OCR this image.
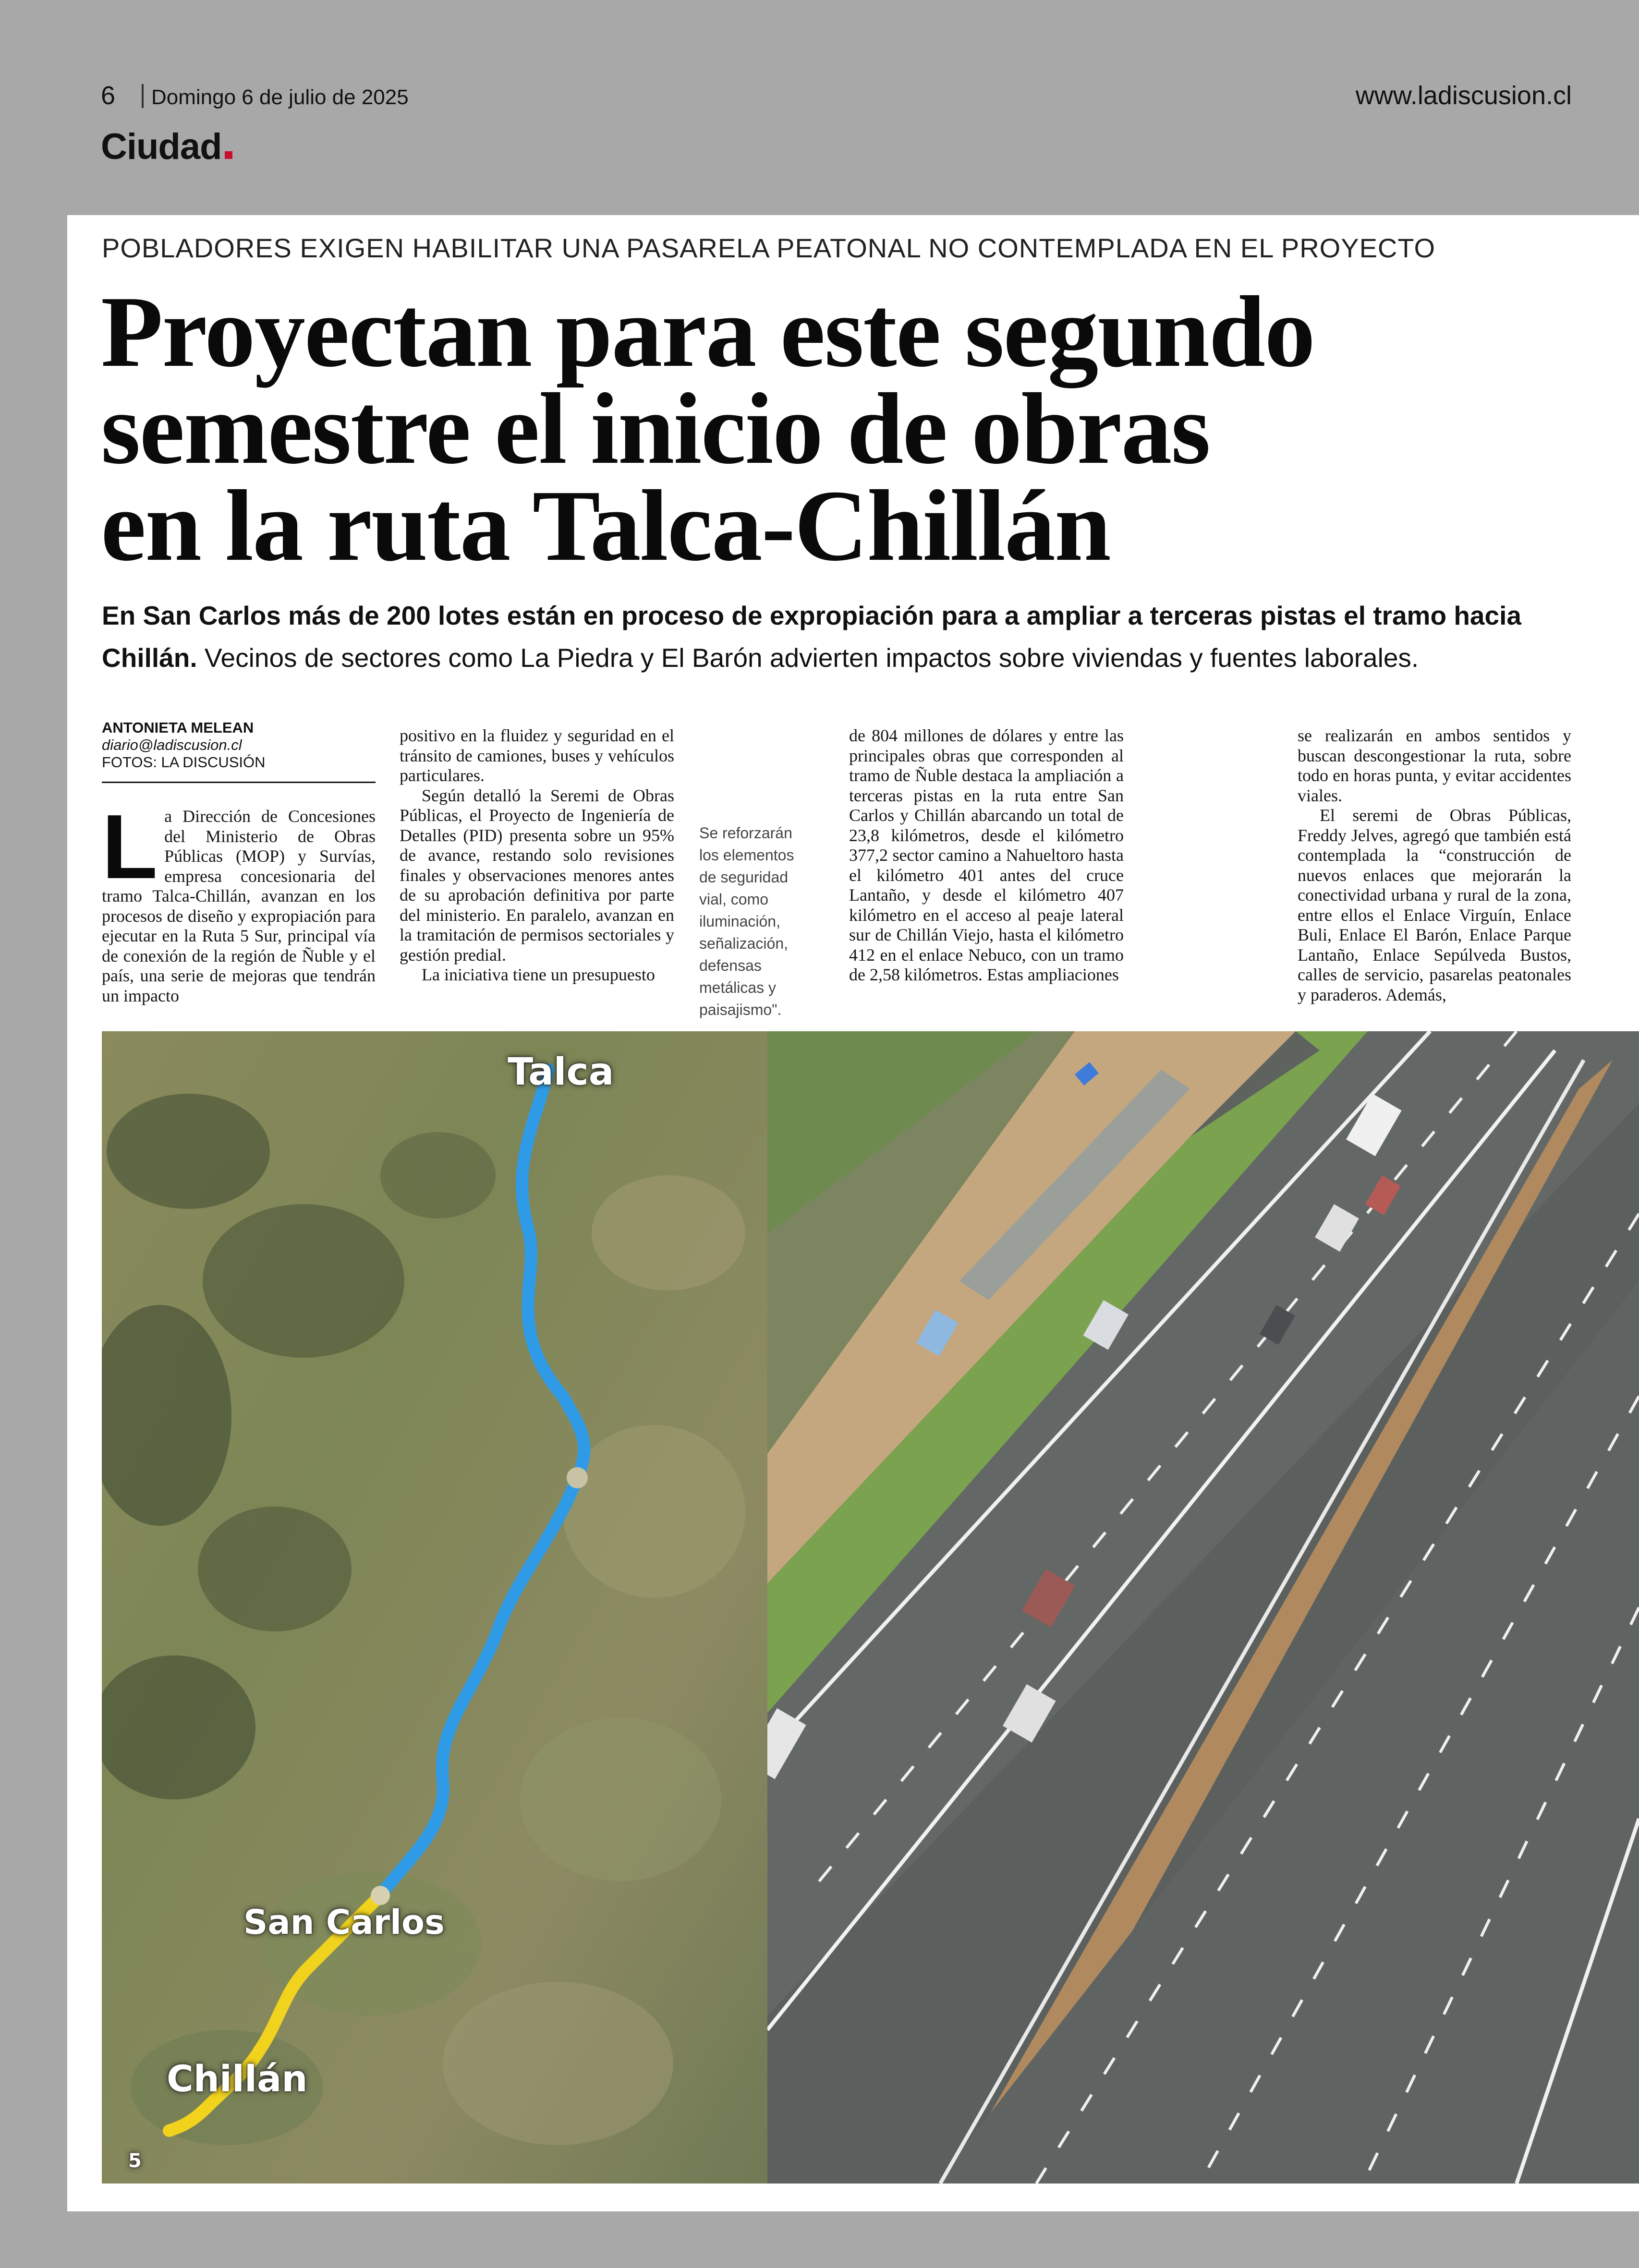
6 Domingo 6 de julio de 2025	www.ladiscusion.cl
Ciudad
POBLADORES EXIGEN HABILITAR UNA PASARELA PEATONAL NO CONTEMPLADA EN EL PROYECTO
Proyectan para este segundo
semestre el inicio de obras
en la ruta Talca-Chillán
En San Carlos más de 200 lotes están en proceso de expropiación para a ampliar a terceras pistas el tramo hacia Chillán. Vecinos de sectores como La Piedra y El Barón advierten impactos sobre viviendas y fuentes laborales.
ANTONIETA MELEAN
diario@ladiscusion.cl
FOTOS: LA DISCUSIÓN
L a Dirección de Concesiones del Ministerio de Obras Públicas (MOP) y Survías, empresa concesionaria del tramo Talca-Chillán, avanzan en los procesos de diseño y expropiación para ejecutar en la Ruta 5 Sur, principal vía de conexión de la región de Ñuble y el país, una serie de mejoras que tendrán un impacto

positivo en la fluidez y seguridad en el tránsito de camiones, buses y vehículos particulares.

Según detalló la Seremi de Obras Públicas, el Proyecto de Ingeniería de Detalles (PID) presenta sobre un 95% de avance, restando solo revisiones finales y observaciones menores antes de su aprobación definitiva por parte del ministerio. En paralelo, avanzan en la tramitación de permisos sectoriales y gestión predial.

La iniciativa tiene un presupuesto

Se reforzarán los elementos de seguridad vial, como iluminación, señalización, defensas metálicas y paisajismo".

de 804 millones de dólares y entre las principales obras que corresponden al tramo de Ñuble destaca la ampliación a terceras pistas en la ruta entre San Carlos y Chillán abarcando un total de 23,8 kilómetros, desde el kilómetro 377,2 sector camino a Nahueltoro hasta el kilómetro 401 antes del cruce Lantaño, y desde el kilómetro 407 kilómetro en el acceso al peaje lateral sur de Chillán Viejo, hasta el kilómetro 412 en el enlace Nebuco, con un tramo de 2,58 kilómetros. Estas ampliaciones

se realizarán en ambos sentidos y buscan descongestionar la ruta, sobre todo en horas punta, y evitar accidentes viales.

El seremi de Obras Públicas, Freddy Jelves, agregó que también está contemplada la “construcción de nuevos enlaces que mejorarán la conectividad urbana y rural de la zona, entre ellos el Enlace Virguín, Enlace Buli, Enlace El Barón, Enlace Parque Lantaño, Enlace Sepúlveda Bustos, calles de servicio, pasarelas peatonales y paraderos. Además,

Talca
San Carlos
Chillán
5
